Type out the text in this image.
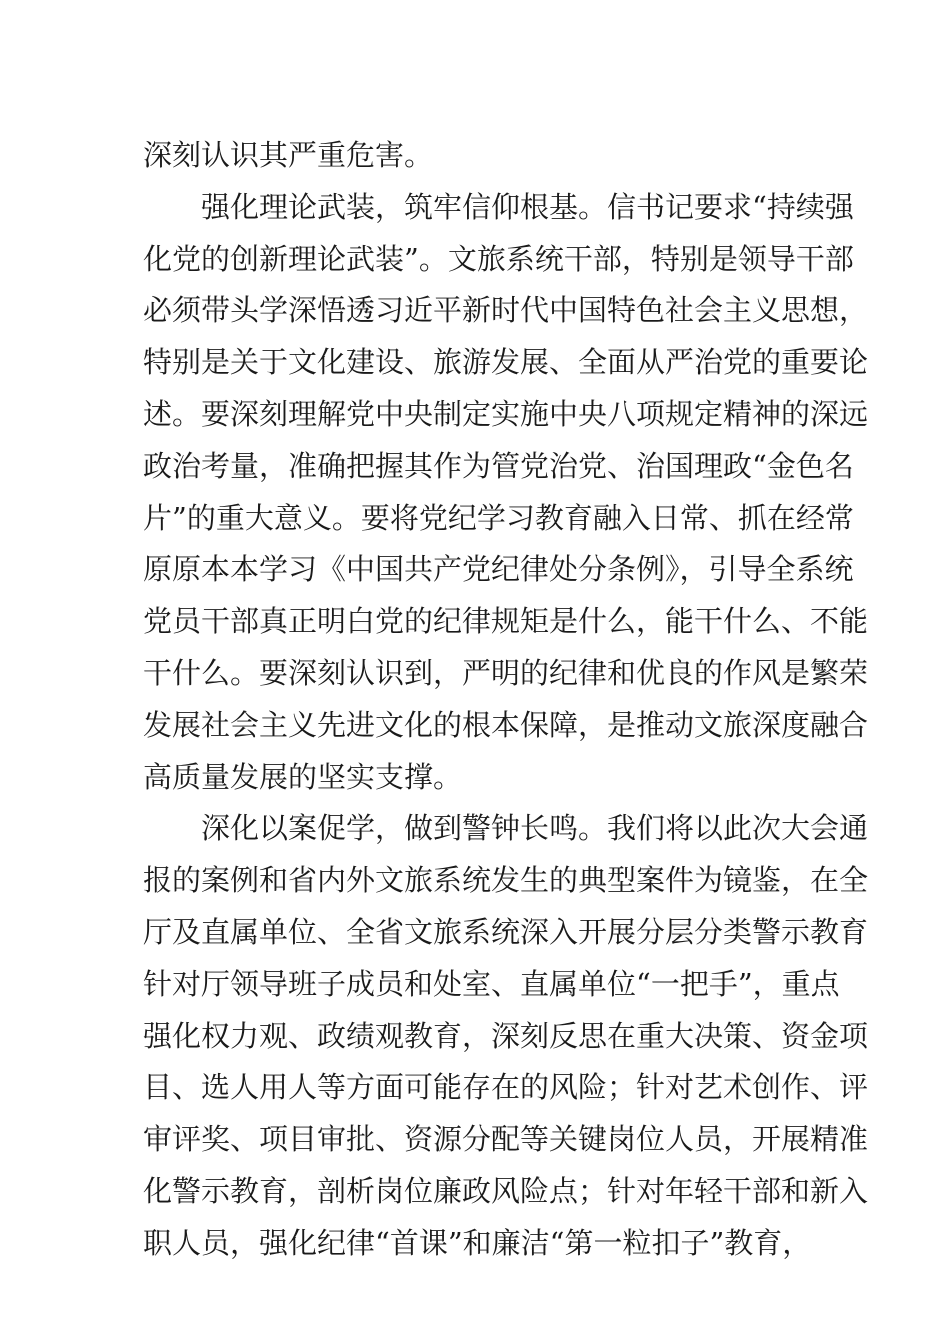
深刻认识其严重危害。
强化理论武装，筑牢信仰根基。信书记要求“持续强
化党的创新理论武装”。文旅系统干部，特别是领导干部
必须带头学深悟透习近平新时代中国特色社会主义思想，
特别是关于文化建设、旅游发展、全面从严治党的重要论
述。要深刻理解党中央制定实施中央八项规定精神的深远
政治考量，准确把握其作为管党治党、治国理政“金色名
片”的重大意义。要将党纪学习教育融入日常、抓在经常
原原本本学习《中国共产党纪律处分条例》，引导全系统
党员干部真正明白党的纪律规矩是什么，能干什么、不能
干什么。要深刻认识到，严明的纪律和优良的作风是繁荣
发展社会主义先进文化的根本保障，是推动文旅深度融合
高质量发展的坚实支撑。
深化以案促学，做到警钟长鸣。我们将以此次大会通
报的案例和省内外文旅系统发生的典型案件为镜鉴，在全
厅及直属单位、全省文旅系统深入开展分层分类警示教育
针对厅领导班子成员和处室、直属单位“一把手”，重点
强化权力观、政绩观教育，深刻反思在重大决策、资金项
目、选人用人等方面可能存在的风险；针对艺术创作、评
审评奖、项目审批、资源分配等关键岗位人员，开展精准
化警示教育，剖析岗位廉政风险点；针对年轻干部和新入
职人员，强化纪律“首课”和廉洁“第一粒扣子”教育，
